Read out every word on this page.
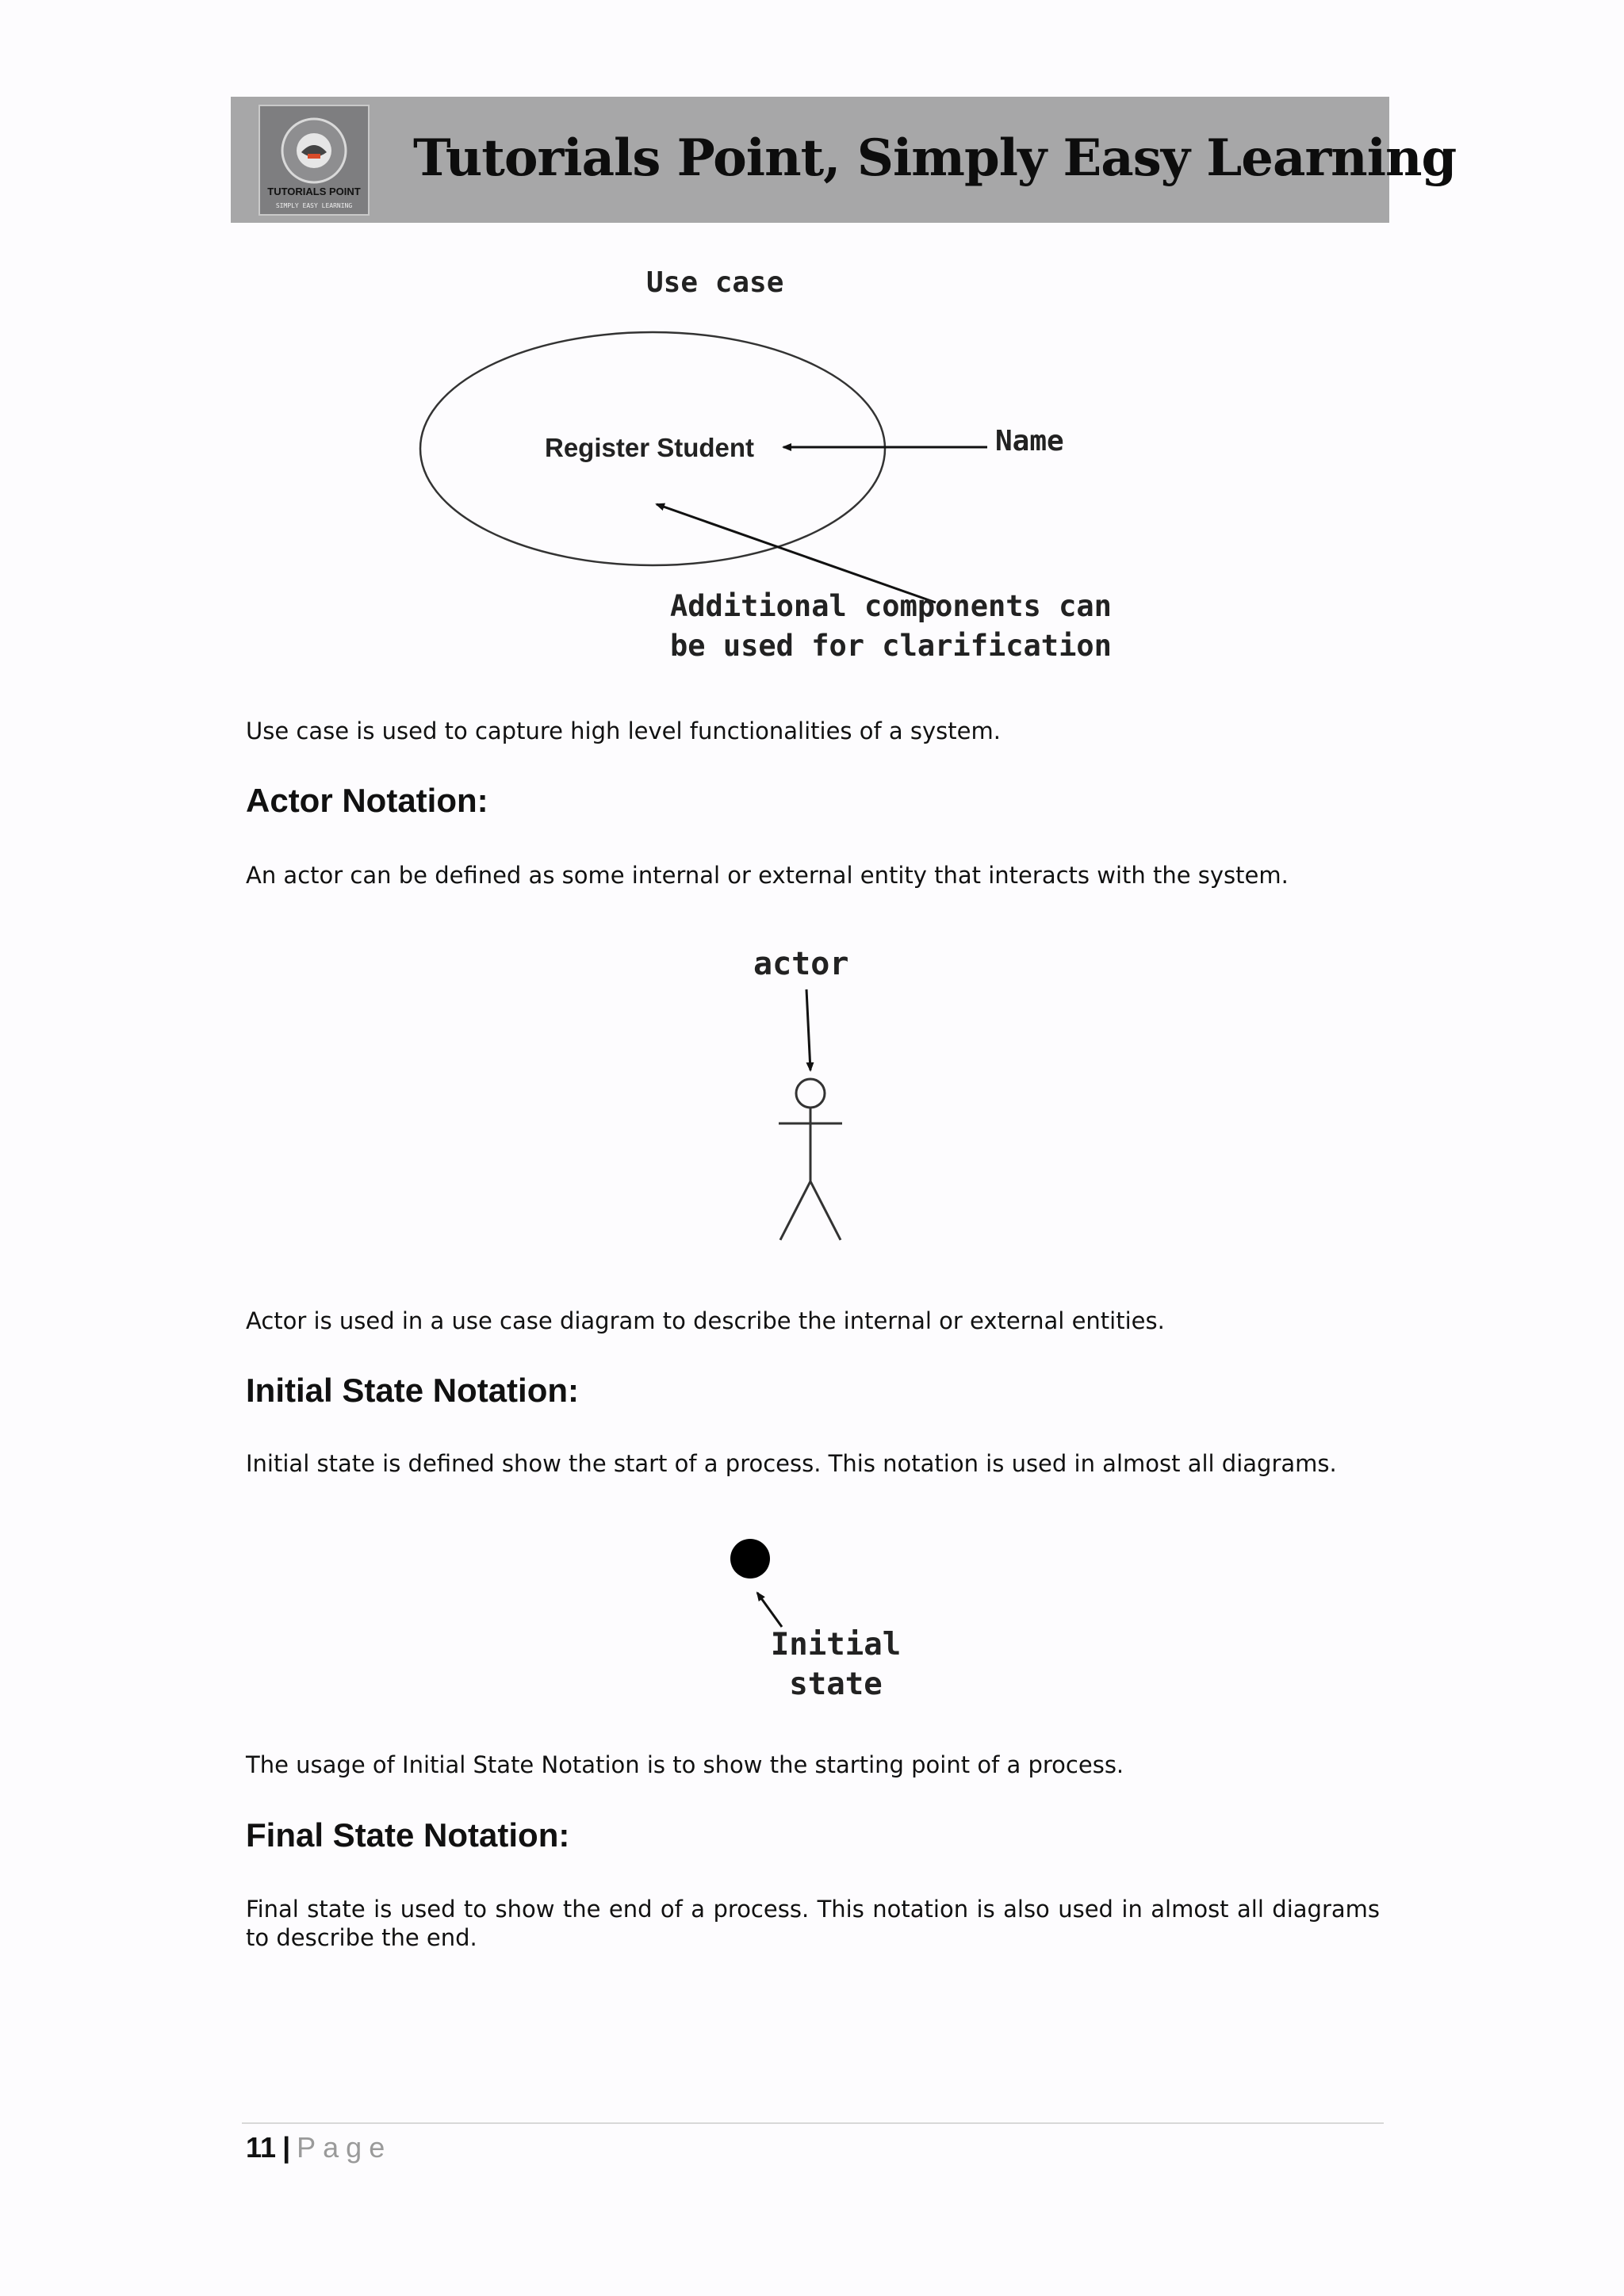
TUTORIALS POINT
SIMPLY EASY LEARNING
Tutorials Point, Simply Easy Learning
Use case
Register Student	Name
Additional components can
be used for clarification

Use case is used to capture high level functionalities of a system.

Actor Notation:

An actor can be defined as some internal or external entity that interacts with the system.

actor

Actor is used in a use case diagram to describe the internal or external entities.

Initial State Notation:

Initial state is defined show the start of a process. This notation is used in almost all diagrams.

Initial
state

The usage of Initial State Notation is to show the starting point of a process.

Final State Notation:

Final state is used to show the end of a process. This notation is also used in almost all diagrams to describe the end.

11 | Page
